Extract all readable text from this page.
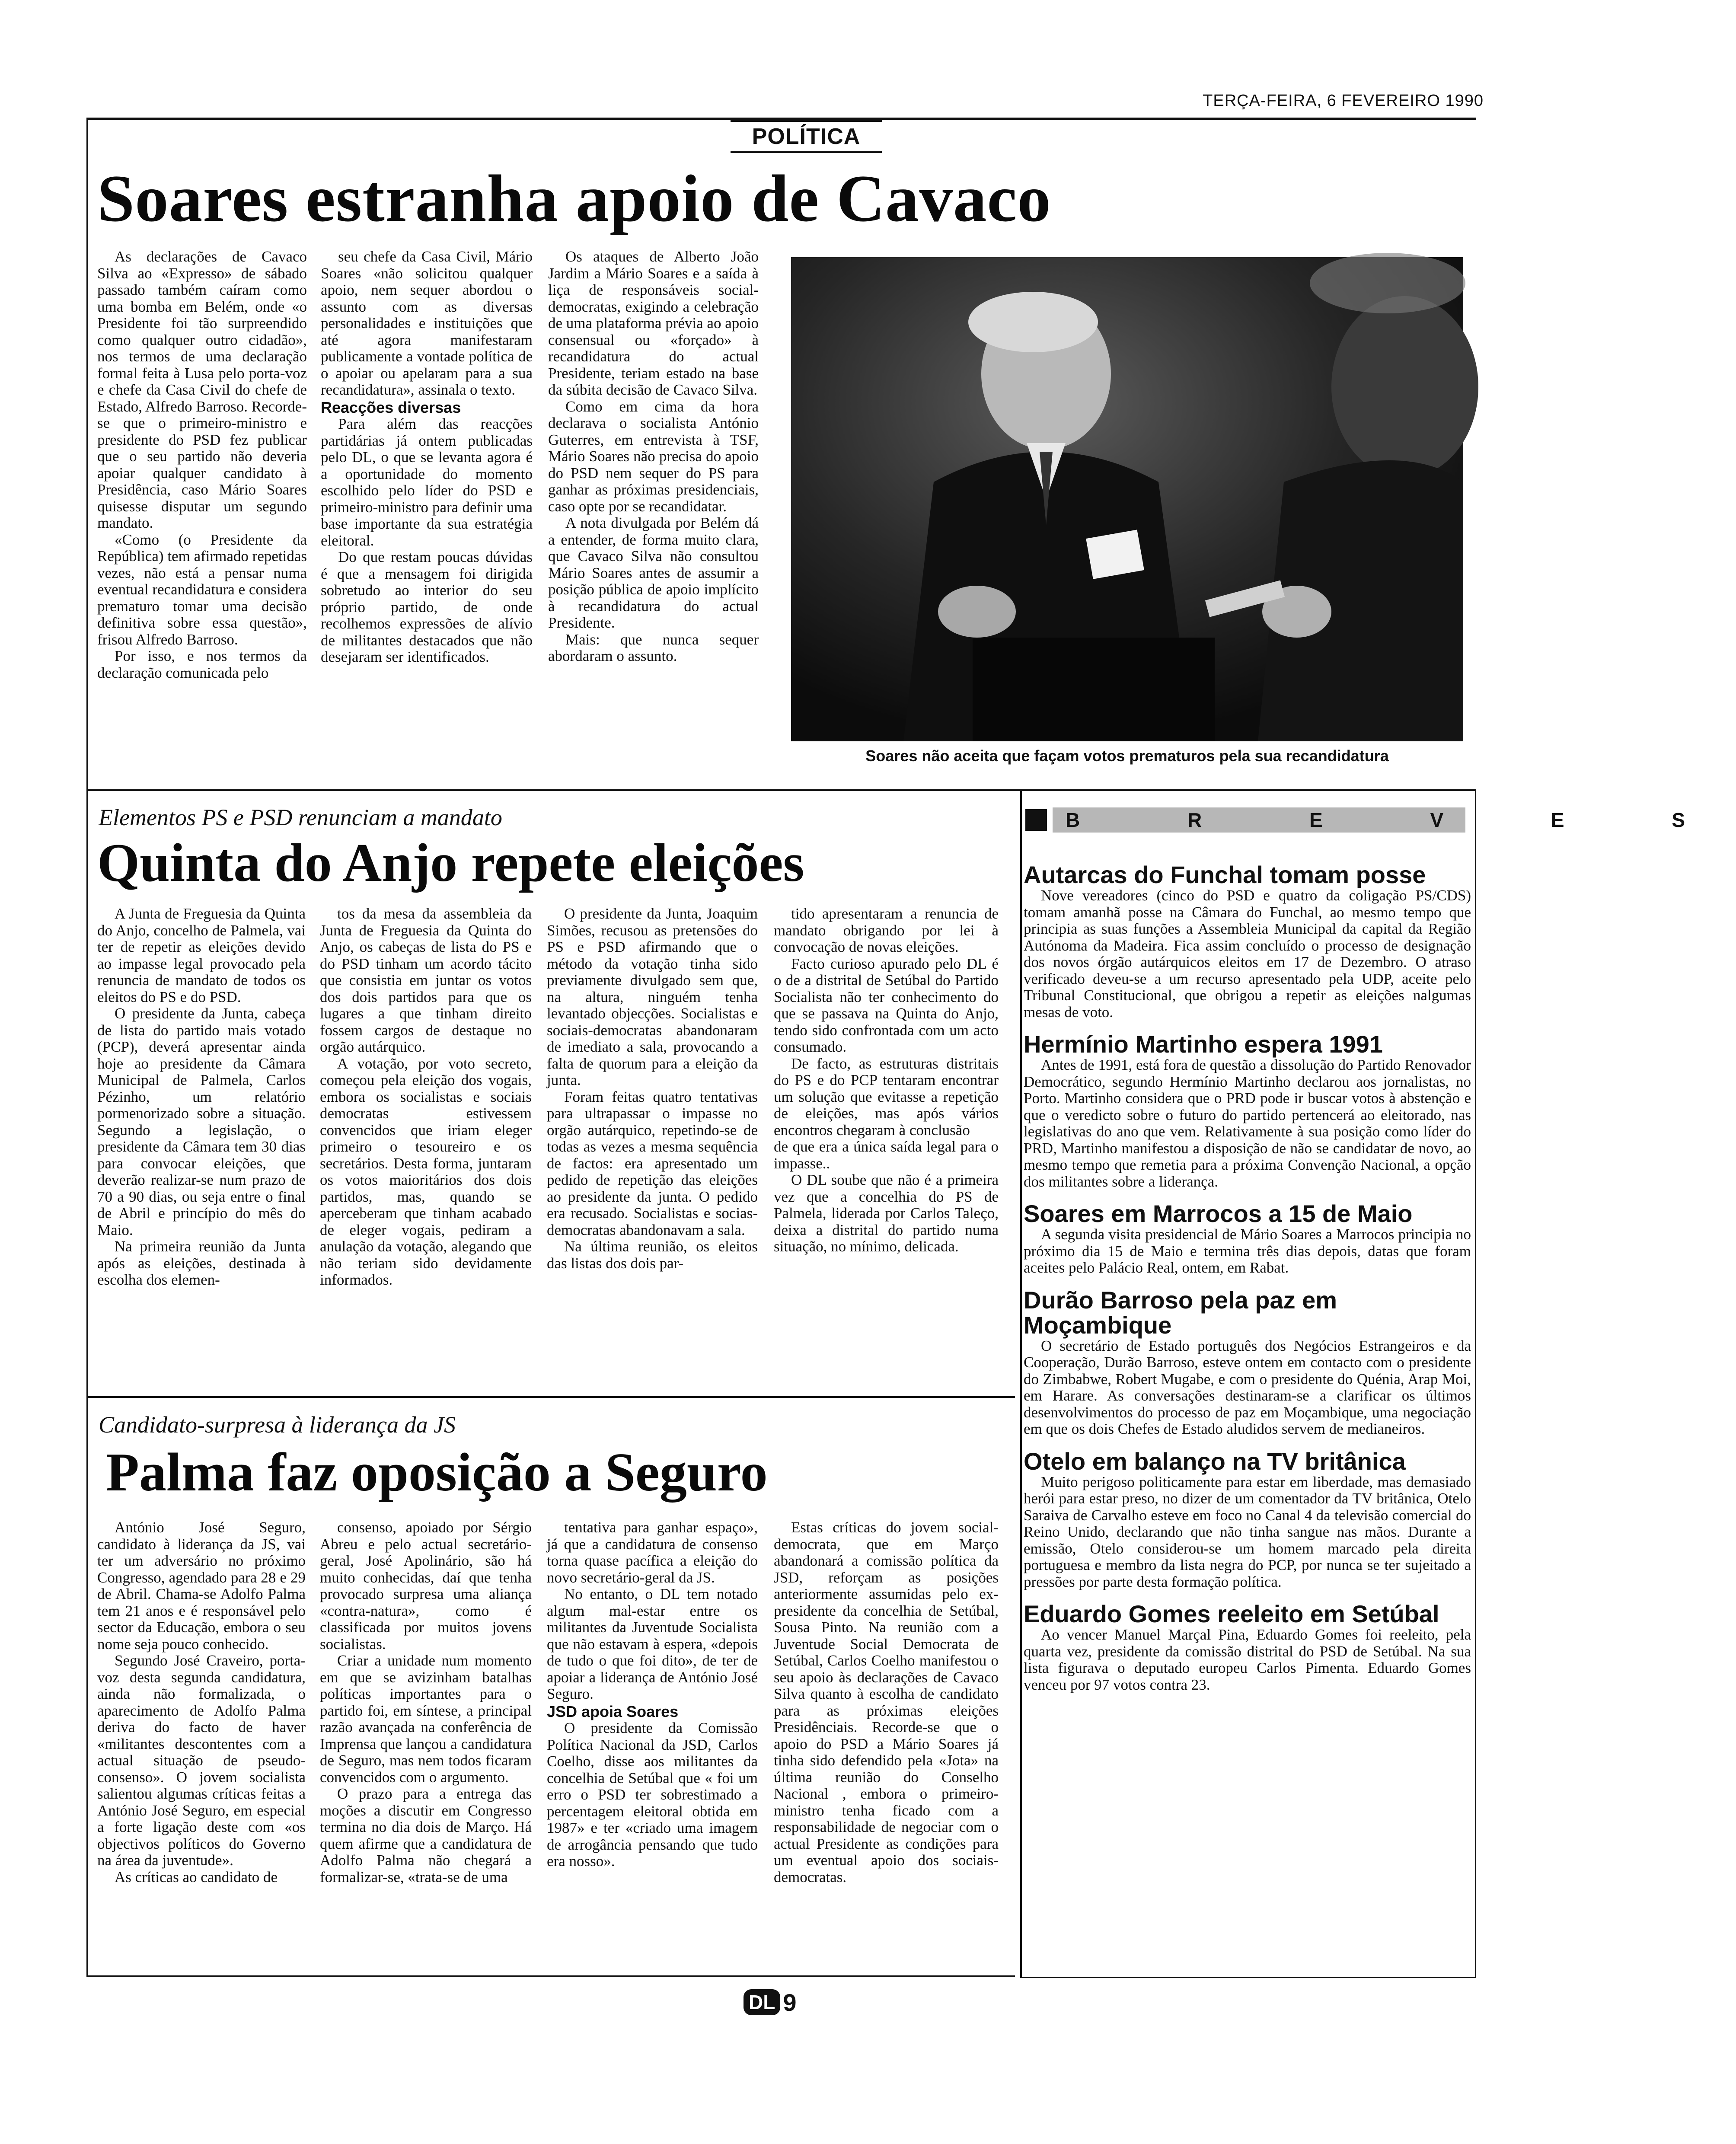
TERÇA-FEIRA, 6 FEVEREIRO 1990
POLÍTICA
Soares estranha apoio de Cavaco

As declarações de Cavaco Silva ao «Expresso» de sábado passado também caíram como uma bomba em Belém, onde «o Presidente foi tão surpreendido como qualquer outro cidadão», nos termos de uma declaração formal feita à Lusa pelo porta-voz e chefe da Casa Civil do chefe de Estado, Alfredo Barroso. Recorde-se que o primeiro-ministro e presidente do PSD fez publicar que o seu partido não deveria apoiar qualquer candidato à Presidência, caso Mário Soares quisesse disputar um segundo mandato.

«Como (o Presidente da República) tem afirmado repetidas vezes, não está a pensar numa eventual recandidatura e considera prematuro tomar uma decisão definitiva sobre essa questão», frisou Alfredo Barroso.

Por isso, e nos termos da declaração comunicada pelo

seu chefe da Casa Civil, Mário Soares «não solicitou qualquer apoio, nem sequer abordou o assunto com as diversas personalidades e instituições que até agora manifestaram publicamente a vontade política de o apoiar ou apelaram para a sua recandidatura», assinala o texto.

Reacções diversas

Para além das reacções partidárias já ontem publicadas pelo DL, o que se levanta agora é a oportunidade do momento escolhido pelo líder do PSD e primeiro-ministro para definir uma base importante da sua estratégia eleitoral.

Do que restam poucas dúvidas é que a mensagem foi dirigida sobretudo ao interior do seu próprio partido, de onde recolhemos expressões de alívio de militantes destacados que não desejaram ser identificados.

Os ataques de Alberto João Jardim a Mário Soares e a saída à liça de responsáveis social-democratas, exigindo a celebração de uma plataforma prévia ao apoio consensual ou «forçado» à recandidatura do actual Presidente, teriam estado na base da súbita decisão de Cavaco Silva.

Como em cima da hora declarava o socialista António Guterres, em entrevista à TSF, Mário Soares não precisa do apoio do PSD nem sequer do PS para ganhar as próximas presidenciais, caso opte por se recandidatar.

A nota divulgada por Belém dá a entender, de forma muito clara, que Cavaco Silva não consultou Mário Soares antes de assumir a posição pública de apoio implícito à recandidatura do actual Presidente.

Mais: que nunca sequer abordaram o assunto.

Soares não aceita que façam votos prematuros pela sua recandidatura
Elementos PS e PSD renunciam a mandato
Quinta do Anjo repete eleições

A Junta de Freguesia da Quinta do Anjo, concelho de Palmela, vai ter de repetir as eleições devido ao impasse legal provocado pela renuncia de mandato de todos os eleitos do PS e do PSD.

O presidente da Junta, cabeça de lista do partido mais votado (PCP), deverá apresentar ainda hoje ao presidente da Câmara Municipal de Palmela, Carlos Pézinho, um relatório pormenorizado sobre a situação. Segundo a legislação, o presidente da Câmara tem 30 dias para convocar eleições, que deverão realizar-se num prazo de 70 a 90 dias, ou seja entre o final de Abril e princípio do mês do Maio.

Na primeira reunião da Junta após as eleições, destinada à escolha dos elemen-

tos da mesa da assembleia da Junta de Freguesia da Quinta do Anjo, os cabeças de lista do PS e do PSD tinham um acordo tácito que consistia em juntar os votos dos dois partidos para que os lugares a que tinham direito fossem cargos de destaque no orgão autárquico.

A votação, por voto secreto, começou pela eleição dos vogais, embora os socialistas e sociais democratas estivessem convencidos que iriam eleger primeiro o tesoureiro e os secretários. Desta forma, juntaram os votos maioritários dos dois partidos, mas, quando se aperceberam que tinham acabado de eleger vogais, pediram a anulação da votação, alegando que não teriam sido devidamente informados.

O presidente da Junta, Joaquim Simões, recusou as pretensões do PS e PSD afirmando que o método da votação tinha sido previamente divulgado sem que, na altura, ninguém tenha levantado objecções. Socialistas e sociais-democratas abandonaram de imediato a sala, provocando a falta de quorum para a eleição da junta.

Foram feitas quatro tentativas para ultrapassar o impasse no orgão autárquico, repetindo-se de todas as vezes a mesma sequência de factos: era apresentado um pedido de repetição das eleições ao presidente da junta. O pedido era recusado. Socialistas e socias-democratas abandonavam a sala.

Na última reunião, os eleitos das listas dos dois par-

tido apresentaram a renuncia de mandato obrigando por lei à convocação de novas eleições.

Facto curioso apurado pelo DL é o de a distrital de Setúbal do Partido Socialista não ter conhecimento do que se passava na Quinta do Anjo, tendo sido confrontada com um acto consumado.

De facto, as estruturas distritais do PS e do PCP tentaram encontrar um solução que evitasse a repetição de eleições, mas após vários encontros chegaram à conclusão

de que era a única saída legal para o impasse..

O DL soube que não é a primeira vez que a concelhia do PS de Palmela, liderada por Carlos Taleço, deixa a distrital do partido numa situação, no mínimo, delicada.

Candidato-surpresa à liderança da JS
Palma faz oposição a Seguro

António José Seguro, candidato à liderança da JS, vai ter um adversário no próximo Congresso, agendado para 28 e 29 de Abril. Chama-se Adolfo Palma tem 21 anos e é responsável pelo sector da Educação, embora o seu nome seja pouco conhecido.

Segundo José Craveiro, porta-voz desta segunda candidatura, ainda não formalizada, o aparecimento de Adolfo Palma deriva do facto de haver «militantes descontentes com a actual situação de pseudo-consenso». O jovem socialista salientou algumas críticas feitas a António José Seguro, em especial a forte ligação deste com «os objectivos políticos do Governo na área da juventude».

As críticas ao candidato de

consenso, apoiado por Sérgio Abreu e pelo actual secretário-geral, José Apolinário, são há muito conhecidas, daí que tenha provocado surpresa uma aliança «contra-natura», como é classificada por muitos jovens socialistas.

Criar a unidade num momento em que se avizinham batalhas políticas importantes para o partido foi, em síntese, a principal razão avançada na conferência de Imprensa que lançou a candidatura de Seguro, mas nem todos ficaram convencidos com o argumento.

O prazo para a entrega das moções a discutir em Congresso termina no dia dois de Março. Há quem afirme que a candidatura de Adolfo Palma não chegará a formalizar-se, «trata-se de uma

tentativa para ganhar espaço», já que a candidatura de consenso torna quase pacífica a eleição do novo secretário-geral da JS.

No entanto, o DL tem notado algum mal-estar entre os militantes da Juventude Socialista que não estavam à espera, «depois de tudo o que foi dito», de ter de apoiar a liderança de António José Seguro.

JSD apoia Soares

O presidente da Comissão Política Nacional da JSD, Carlos Coelho, disse aos militantes da concelhia de Setúbal que « foi um erro o PSD ter sobrestimado a percentagem eleitoral obtida em 1987» e ter «criado uma imagem de arrogância pensando que tudo era nosso».

Estas críticas do jovem social-democrata, que em Março abandonará a comissão política da JSD, reforçam as posições anteriormente assumidas pelo ex-presidente da concelhia de Setúbal, Sousa Pinto. Na reunião com a Juventude Social Democrata de Setúbal, Carlos Coelho manifestou o seu apoio às declarações de Cavaco Silva quanto à escolha de candidato para as próximas eleições Presidênciais. Recorde-se que o apoio do PSD a Mário Soares já tinha sido defendido pela «Jota» na última reunião do Conselho Nacional , embora o primeiro-ministro tenha ficado com a responsabilidade de negociar com o actual Presidente as condições para um eventual apoio dos sociais-democratas.

B R E V E S

Autarcas do Funchal tomam posse

Nove vereadores (cinco do PSD e quatro da coligação PS/CDS) tomam amanhã posse na Câmara do Funchal, ao mesmo tempo que principia as suas funções a Assembleia Municipal da capital da Região Autónoma da Madeira. Fica assim concluído o processo de designação dos novos órgão autárquicos eleitos em 17 de Dezembro. O atraso verificado deveu-se a um recurso apresentado pela UDP, aceite pelo Tribunal Constitucional, que obrigou a repetir as eleições nalgumas mesas de voto.

Hermínio Martinho espera 1991

Antes de 1991, está fora de questão a dissolução do Partido Renovador Democrático, segundo Hermínio Martinho declarou aos jornalistas, no Porto. Martinho considera que o PRD pode ir buscar votos à abstenção e que o veredicto sobre o futuro do partido pertencerá ao eleitorado, nas legislativas do ano que vem. Relativamente à sua posição como líder do PRD, Martinho manifestou a disposição de não se candidatar de novo, ao mesmo tempo que remetia para a próxima Convenção Nacional, a opção dos militantes sobre a liderança.

Soares em Marrocos a 15 de Maio

A segunda visita presidencial de Mário Soares a Marrocos principia no próximo dia 15 de Maio e termina três dias depois, datas que foram aceites pelo Palácio Real, ontem, em Rabat.

Durão Barroso pela paz em Moçambique

O secretário de Estado português dos Negócios Estrangeiros e da Cooperação, Durão Barroso, esteve ontem em contacto com o presidente do Zimbabwe, Robert Mugabe, e com o presidente do Quénia, Arap Moi, em Harare. As conversações destinaram-se a clarificar os últimos desenvolvimentos do processo de paz em Moçambique, uma negociação em que os dois Chefes de Estado aludidos servem de medianeiros.

Otelo em balanço na TV britânica

Muito perigoso politicamente para estar em liberdade, mas demasiado herói para estar preso, no dizer de um comentador da TV britânica, Otelo Saraiva de Carvalho esteve em foco no Canal 4 da televisão comercial do Reino Unido, declarando que não tinha sangue nas mãos. Durante a emissão, Otelo considerou-se um homem marcado pela direita portuguesa e membro da lista negra do PCP, por nunca se ter sujeitado a pressões por parte desta formação política.

Eduardo Gomes reeleito em Setúbal

Ao vencer Manuel Marçal Pina, Eduardo Gomes foi reeleito, pela quarta vez, presidente da comissão distrital do PSD de Setúbal. Na sua lista figurava o deputado europeu Carlos Pimenta. Eduardo Gomes venceu por 97 votos contra 23.

DL 9
